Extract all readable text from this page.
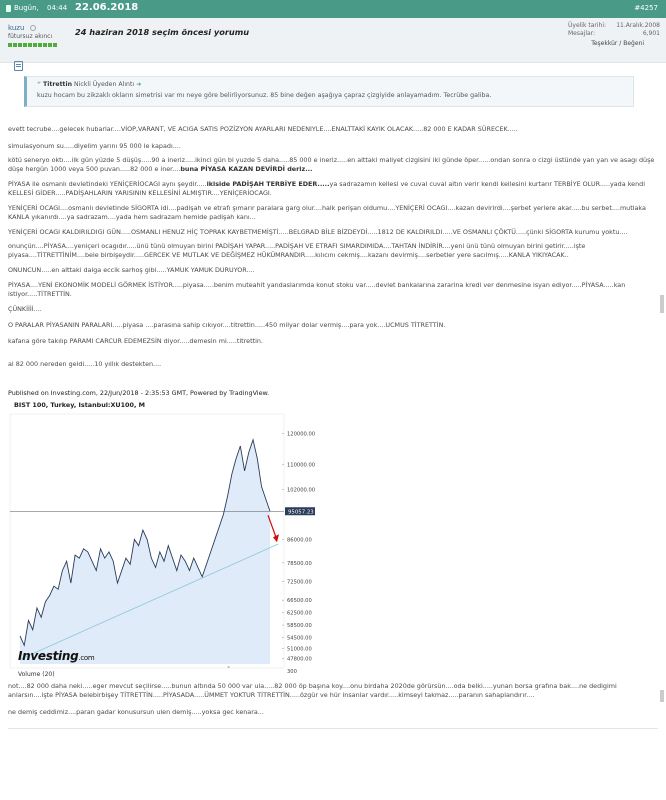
Bugün, 04:44 22.06.2018	#4257
kuzu
fütursuz akıncı	24 haziran 2018 seçim öncesi yorumu
Üyelik tarihi: 11.Aralık.2008
Mesajlar:	6,901
Teşekkür / Beğeni
“ Titrettin Nickli Üyeden Alıntı ➜
kuzu hocam bu zikzaklı okların simetrisi var mı neye göre belirliyorsunuz. 85 bine değen aşağıya çapraz çizgiyide anlayamadım. Tecrübe galiba.
evett tecrube....gelecek hubarlar....VİOP,VARANT, VE ACIGA SATIS POZİZYON AYARLARI NEDENIYLE....ENALTTAKİ KAYIK OLACAK.....82 000 E KADAR SÜRECEK.....
simulasyonum su.....diyelim yarını 95 000 le kapadı....
kötü seneryo oktı....ilk gün yüzde 5 düşüş.....90 a ineriz.....ikinci gün bi yuzde 5 daha.....85 000 e ineriz.....en alttaki maliyet cizgisini iki günde öper......ondan sonra o cizgi üstünde yan yan ve asagı düşe düşe hergün 1000 veya 500 puvan.....82 000 e iner....buna PİYASA KAZAN DEVİRDİ deriz...
PİYASA ile osmanlı devletindeki YENİÇERİOCAGI aynı şeydir.....ikiside PADİŞAH TERBİYE EDER.....ya sadrazamın kellesi ve cuval cuval altın verir kendi kellesini kurtarır TERBİYE OLUR.....yada kendi KELLESİ GİDER.....PADİŞAHLARIN YARISININ KELLESİNİ ALMIŞTIR....YENİÇERİOCAGI.
YENİÇERİ OCAGI....osmanlı devletinde SİGORTA idi....padişah ve etrafı şımarır paralara garg olur....halk perişan oldumu....YENİÇERİ OCAGI....kazan devirirdi....şerbet yerlere akar.....bu serbet....mutlaka KANLA yıkanırdı....ya sadrazam....yada hem sadrazam hemide padişah kanı...
YENİÇERİ OCAGI KALDIRILDIGI GÜN.....OSMANLI HENUZ HİÇ TOPRAK KAYBETMEMİŞTİ.....BELGRAD BİLE BİZDEYDİ.....1812 DE KALDIRILDI.....VE OSMANLI ÇÖKTÜ.....çünki SİGORTA kurumu yoktu....
onunçün....PİYASA....yeniçeri ocagıdır.....ünü tünü olmuyan birini PADİŞAH YAPAR.....PADİŞAH VE ETRAFI SIMARDIMIDA....TAHTAN İNDİRİR....yeni ünü tünü olmuyan birini getirir.....işte piyasa....TİTRETTİNİM....bele birbişeydir.....GERCEK VE MUTLAK VE DEĞİŞMEZ HÜKÜMRANDIR.....kılıcını cekmiş....kazanı devirmiş....serbetler yere sacılmış.....KANLA YIKIYACAK..
ONUNCUN.....en alttaki dalga eccik sarhoş gibi.....YAMUK YAMUK DURUYOR....
PİYASA....YENİ EKONOMİK MODELİ GÖRMEK İSTİYOR.....piyasa.....benim muteahit yandaslarımda konut stoku var.....devlet bankalarına zararina kredi ver denmesine isyan ediyor.....PİYASA.....kan istiyor.....TİTRETTİN.
ÇÜNKİİİİ....
O PARALAR PİYASANIN PARALARI.....piyasa ....parasına sahip cıkıyor....titrettin.....450 milyar dolar vermiş....para yok....UCMUS TİTRETTİN.
kafana göre takılıp PARAMI CARCUR EDEMEZSİN diyor.....demesin mi.....titrettin.
al 82 000 nereden geldi.....10 yıllık destekten....
not....82 000 daha neki.....eger mevcut seçilirse.....bunun altında 50 000 var ula.....82 000 öp başına koy....onu birdaha 2020de görürsün....oda belki.....yunan borsa grafına bak....ne dedigimi anlarsın....işte PİYASA belebirbişey TİTRETTİN.....PİYASADA.....ÜMMET YOKTUR TİTRETTİN.....özgür ve hür insanlar vardır.....kimseyi takmaz.....paranın sahaplandırır....
ne demiş ceddimiz....paran gadar konusursun ulen demiş.....yoksa gec kenara...
Published on Investing.com, 22/Jun/2018 - 2:35:53 GMT, Powered by TradingView.
BIST 100, Turkey, Istanbul:XU100, M
120000.00
110000.00
102000.00
95057.23
86000.00
78500.00
72500.00
66500.00
62500.00
58500.00
54500.00
51000.00
47800.00
300
Investing.com
Volume (20)
